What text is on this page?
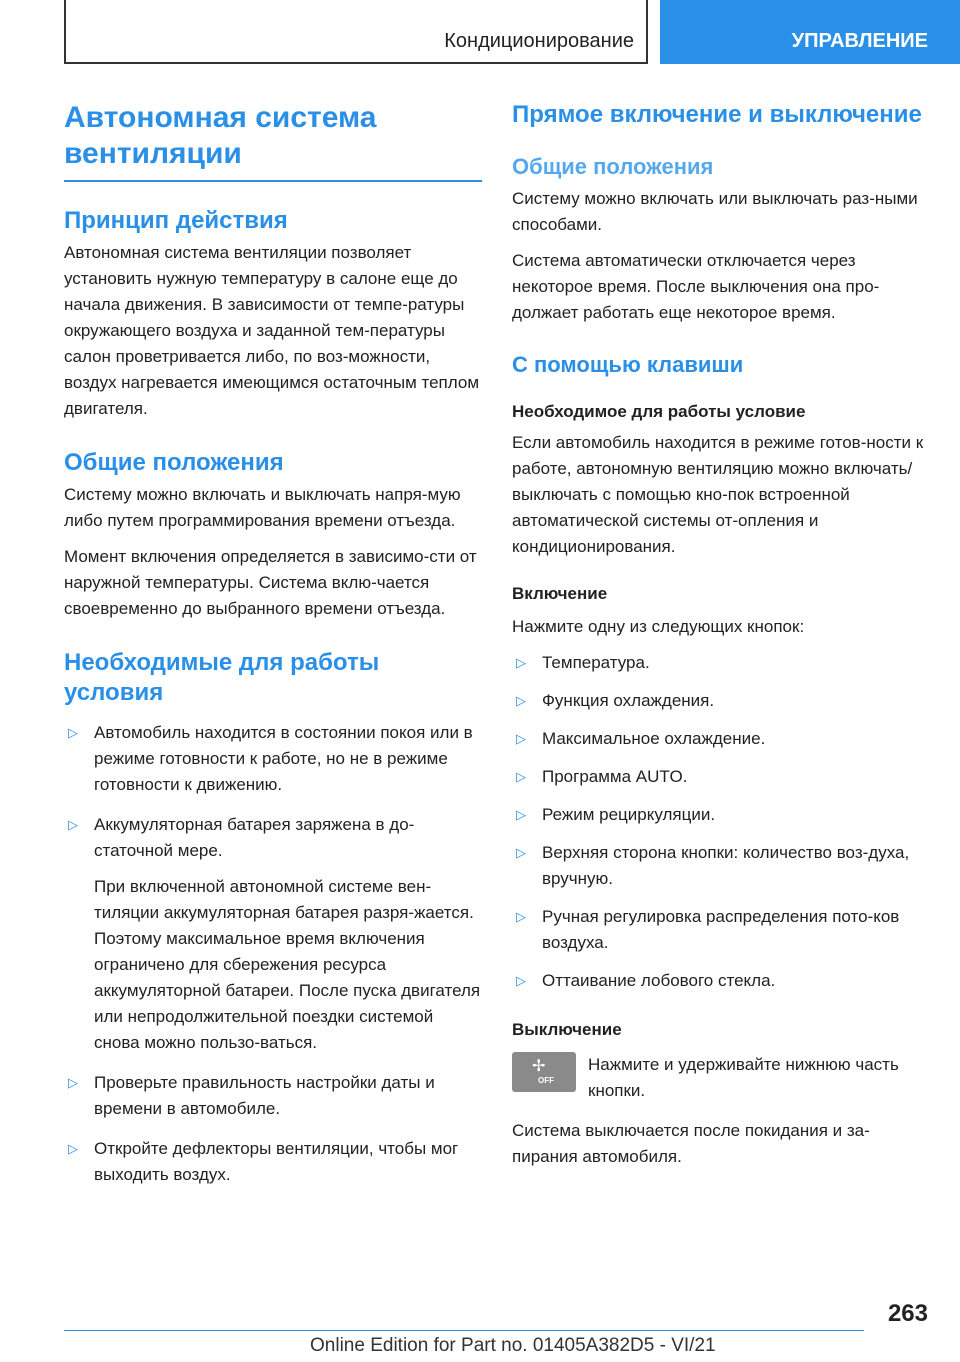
Кондиционирование	УПРАВЛЕНИЕ
Автономная система вентиляции
Принцип действия

Автономная система вентиляции позволяет установить нужную температуру в салоне еще до начала движения. В зависимости от темпе-ратуры окружающего воздуха и заданной тем-пературы салон проветривается либо, по воз-можности, воздух нагревается имеющимся остаточным теплом двигателя.

Общие положения

Систему можно включать и выключать напря-мую либо путем программирования времени отъезда.

Момент включения определяется в зависимо-сти от наружной температуры. Система вклю-чается своевременно до выбранного времени отъезда.

Необходимые для работы условия
▷ Автомобиль находится в состоянии покоя или в режиме готовности к работе, но не в режиме готовности к движению.
▷ Аккумуляторная батарея заряжена в до-статочной мере.
При включенной автономной системе вен-тиляции аккумуляторная батарея разря-жается. Поэтому максимальное время включения ограничено для сбережения ресурса аккумуляторной батареи. После пуска двигателя или непродолжительной поездки системой снова можно пользо-ваться.
▷ Проверьте правильность настройки даты и времени в автомобиле.
▷ Откройте дефлекторы вентиляции, чтобы мог выходить воздух.
Прямое включение и выключение
Общие положения

Систему можно включать или выключать раз-ными способами.

Система автоматически отключается через некоторое время. После выключения она про-должает работать еще некоторое время.

С помощью клавиши
Необходимое для работы условие

Если автомобиль находится в режиме готов-ности к работе, автономную вентиляцию можно включать/выключать с помощью кно-пок встроенной автоматической системы от-опления и кондиционирования.

Включение

Нажмите одну из следующих кнопок:

▷ Температура.
▷ Функция охлаждения.
▷ Максимальное охлаждение.
▷ Программа AUTO.
▷ Режим рециркуляции.
▷ Верхняя сторона кнопки: количество воз-духа, вручную.
▷ Ручная регулировка распределения пото-ков воздуха.
▷ Оттаивание лобового стекла.
Выключение
✢
OFF

Нажмите и удерживайте нижнюю часть кнопки.

Система выключается после покидания и за-пирания автомобиля.

263
Online Edition for Part no. 01405A382D5 - VI/21
